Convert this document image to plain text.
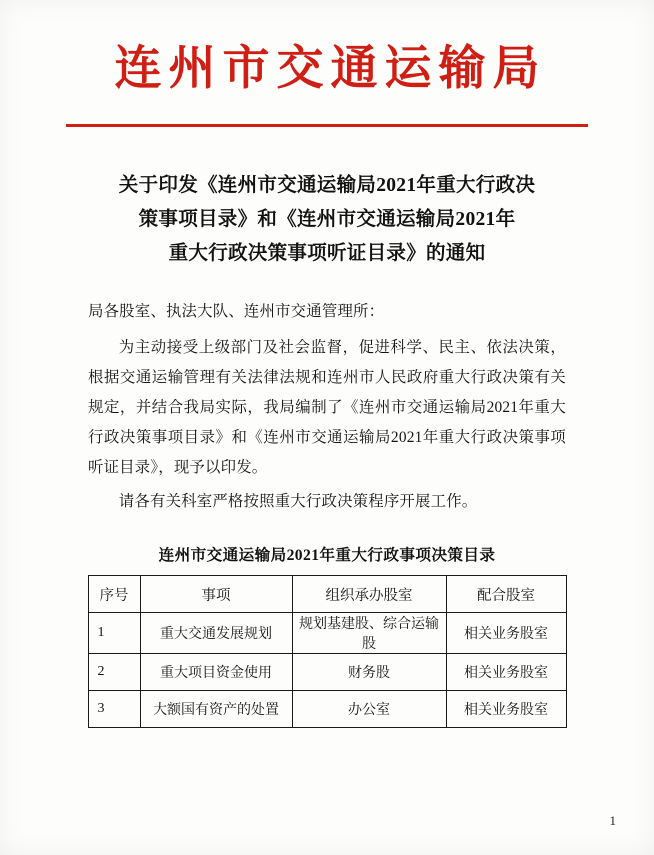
连州市交通运输局
关于印发《连州市交通运输局2021年重大行政决
策事项目录》和《连州市交通运输局2021年
重大行政决策事项听证目录》的通知

局各股室、执法大队、连州市交通管理所：

为主动接受上级部门及社会监督，促进科学、民主、依法决策，根据交通运输管理有关法律法规和连州市人民政府重大行政决策有关规定，并结合我局实际，我局编制了《连州市交通运输局2021年重大行政决策事项目录》和《连州市交通运输局2021年重大行政决策事项听证目录》，现予以印发。

请各有关科室严格按照重大行政决策程序开展工作。

连州市交通运输局2021年重大行政事项决策目录
序号	事项	组织承办股室	配合股室
1	重大交通发展规划	规划基建股、综合运输股	相关业务股室
2	重大项目资金使用	财务股	相关业务股室
3	大额国有资产的处置	办公室	相关业务股室
1
